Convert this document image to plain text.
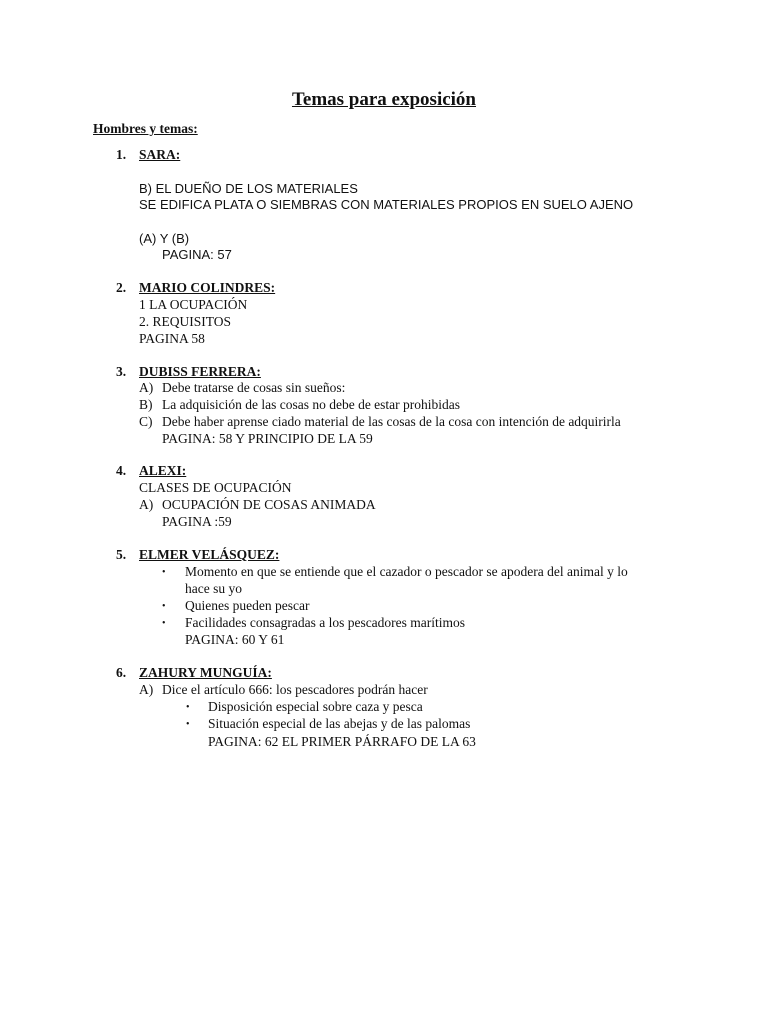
Temas para exposición
Hombres y temas:
1. SARA:
B) EL DUEÑO DE LOS MATERIALES
SE EDIFICA PLATA O SIEMBRAS CON MATERIALES PROPIOS EN SUELO AJENO
(A) Y (B)
PAGINA: 57
2. MARIO COLINDRES:
1 LA OCUPACIÓN
2. REQUISITOS
PAGINA 58
3. DUBISS FERRERA:
A) Debe tratarse de cosas sin sueños:
B) La adquisición de las cosas no debe de estar prohibidas
C) Debe haber aprense ciado material de las cosas de la cosa con intención de adquirirla
PAGINA: 58 Y PRINCIPIO DE LA 59
4. ALEXI:
CLASES DE OCUPACIÓN
A) OCUPACIÓN DE COSAS ANIMADA
PAGINA :59
5. ELMER VELÁSQUEZ:
• Momento en que se entiende que el cazador o pescador se apodera del animal y lo
hace su yo
• Quienes pueden pescar
• Facilidades consagradas a los pescadores marítimos
PAGINA: 60 Y 61
6. ZAHURY MUNGUÍA:
A) Dice el artículo 666: los pescadores podrán hacer
• Disposición especial sobre caza y pesca
• Situación especial de las abejas y de las palomas
PAGINA: 62 EL PRIMER PÁRRAFO DE LA 63
